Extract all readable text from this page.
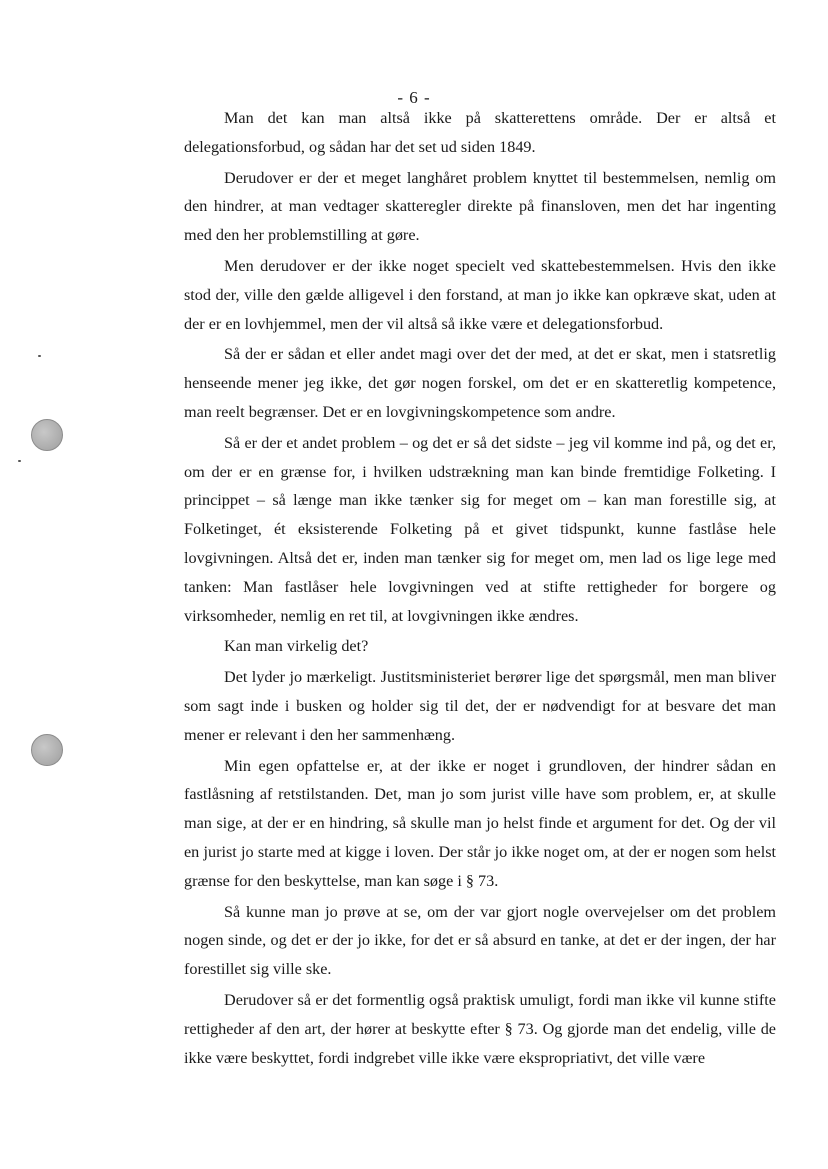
- 6 -

Man det kan man altså ikke på skatterettens område. Der er altså et delegationsforbud, og sådan har det set ud siden 1849.

Derudover er der et meget langhåret problem knyttet til bestemmelsen, nemlig om den hindrer, at man vedtager skatteregler direkte på finansloven, men det har ingenting med den her problemstilling at gøre.

Men derudover er der ikke noget specielt ved skattebestemmelsen. Hvis den ikke stod der, ville den gælde alligevel i den forstand, at man jo ikke kan opkræve skat, uden at der er en lovhjemmel, men der vil altså så ikke være et delegationsforbud.

Så der er sådan et eller andet magi over det der med, at det er skat, men i statsretlig henseende mener jeg ikke, det gør nogen forskel, om det er en skatteretlig kompetence, man reelt begrænser. Det er en lovgivningskompetence som andre.

Så er der et andet problem – og det er så det sidste – jeg vil komme ind på, og det er, om der er en grænse for, i hvilken udstrækning man kan binde fremtidige Folketing. I princippet – så længe man ikke tænker sig for meget om – kan man forestille sig, at Folketinget, ét eksisterende Folketing på et givet tidspunkt, kunne fastlåse hele lovgivningen. Altså det er, inden man tænker sig for meget om, men lad os lige lege med tanken: Man fastlåser hele lovgivningen ved at stifte rettigheder for borgere og virksomheder, nemlig en ret til, at lovgivningen ikke ændres.

Kan man virkelig det?

Det lyder jo mærkeligt. Justitsministeriet berører lige det spørgsmål, men man bliver som sagt inde i busken og holder sig til det, der er nødvendigt for at besvare det man mener er relevant i den her sammenhæng.

Min egen opfattelse er, at der ikke er noget i grundloven, der hindrer sådan en fastlåsning af retstilstanden. Det, man jo som jurist ville have som problem, er, at skulle man sige, at der er en hindring, så skulle man jo helst finde et argument for det. Og der vil en jurist jo starte med at kigge i loven. Der står jo ikke noget om, at der er nogen som helst grænse for den beskyttelse, man kan søge i § 73.

Så kunne man jo prøve at se, om der var gjort nogle overvejelser om det problem nogen sinde, og det er der jo ikke, for det er så absurd en tanke, at det er der ingen, der har forestillet sig ville ske.

Derudover så er det formentlig også praktisk umuligt, fordi man ikke vil kunne stifte rettigheder af den art, der hører at beskytte efter § 73. Og gjorde man det endelig, ville de ikke være beskyttet, fordi indgrebet ville ikke være ekspropriativt, det ville være
